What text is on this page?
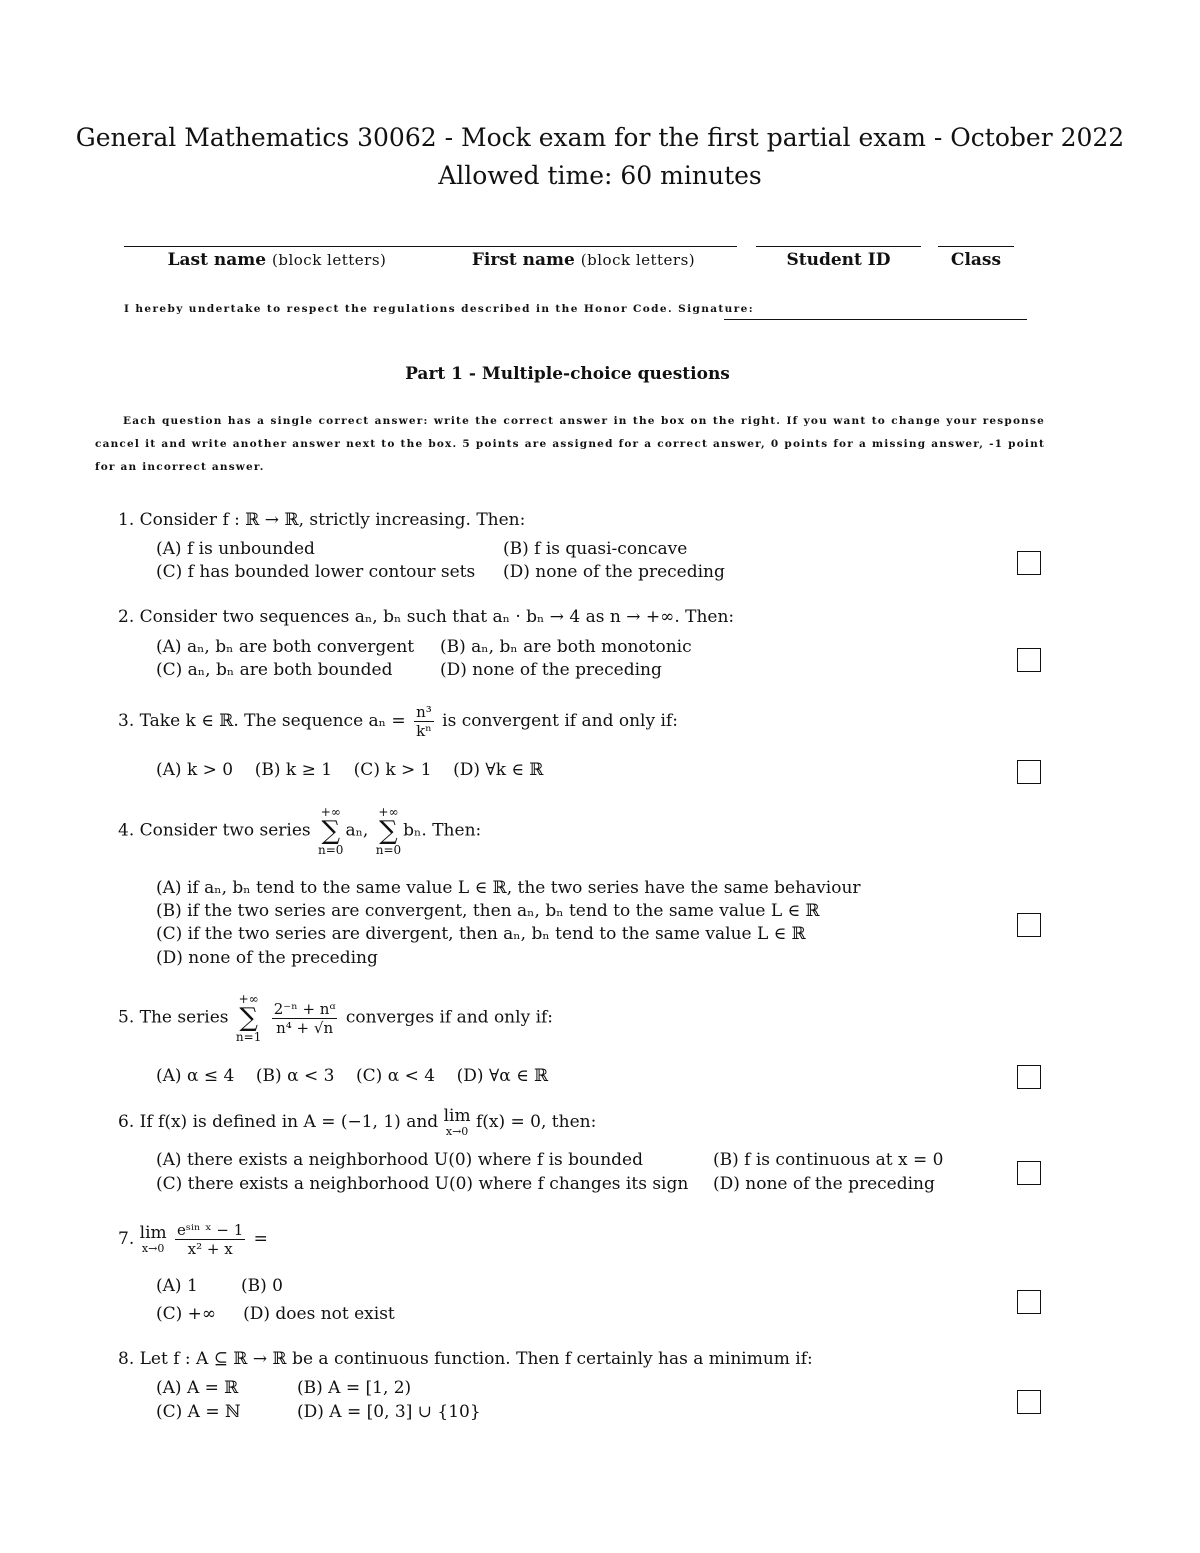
General Mathematics 30062 - Mock exam for the first partial exam - October 2022
Allowed time: 60 minutes
Last name (block letters)	First name (block letters)	Student ID	Class
I hereby undertake to respect the regulations described in the Honor Code. Signature:
Part 1 - Multiple-choice questions
Each question has a single correct answer: write the correct answer in the box on the right. If you want to change your response cancel it and write another answer next to the box. 5 points are assigned for a correct answer, 0 points for a missing answer, -1 point for an incorrect answer.
1. Consider f : ℝ → ℝ, strictly increasing. Then:
(A) f is unbounded	(B) f is quasi-concave
(C) f has bounded lower contour sets (D) none of the preceding
2. Consider two sequences aₙ, bₙ such that aₙ · bₙ → 4 as n → +∞. Then:
(A) aₙ, bₙ are both convergent (B) aₙ, bₙ are both monotonic
(C) aₙ, bₙ are both bounded	(D) none of the preceding
3. Take k ∈ ℝ. The sequence $a_n = \frac{\text{n³}}{\text{kⁿ}}$ is convergent if and only if:
(A) k > 0    (B) k ≥ 1    (C) k > 1    (D) ∀k ∈ ℝ
4. Consider two series
+∞
∑
n=0
aₙ,
+∞
∑
n=0
bₙ. Then:
(A) if aₙ, bₙ tend to the same value L ∈ ℝ, the two series have the same behaviour
(B) if the two series are convergent, then aₙ, bₙ tend to the same value L ∈ ℝ
(C) if the two series are divergent, then aₙ, bₙ tend to the same value L ∈ ℝ
(D) none of the preceding
5. The series
+∞
∑
n=1

$\frac{\text{2⁻ⁿ + nᵅ}}{\text{n⁴ + √n}}$ converges if and only if:
(A) α ≤ 4    (B) α < 3    (C) α < 4    (D) ∀α ∈ ℝ
6. If f(x) is defined in A = (−1, 1) and lim
x→0 f(x) = 0, then:
(A) there exists a neighborhood U(0) where f is bounded	(B) f is continuous at x = 0
(C) there exists a neighborhood U(0) where f changes its sign (D) none of the preceding
7. lim
x→0
$\frac{\text{eˢⁱⁿ ˣ − 1}}{\text{x² + x}}$ =
(A) 1        (B) 0
(C) +∞     (D) does not exist
8. Let f : A ⊆ ℝ → ℝ be a continuous function. Then f certainly has a minimum if:
(A) A = ℝ	(B) A = [1, 2)
(C) A = ℕ	(D) A = [0, 3] ∪ {10}
